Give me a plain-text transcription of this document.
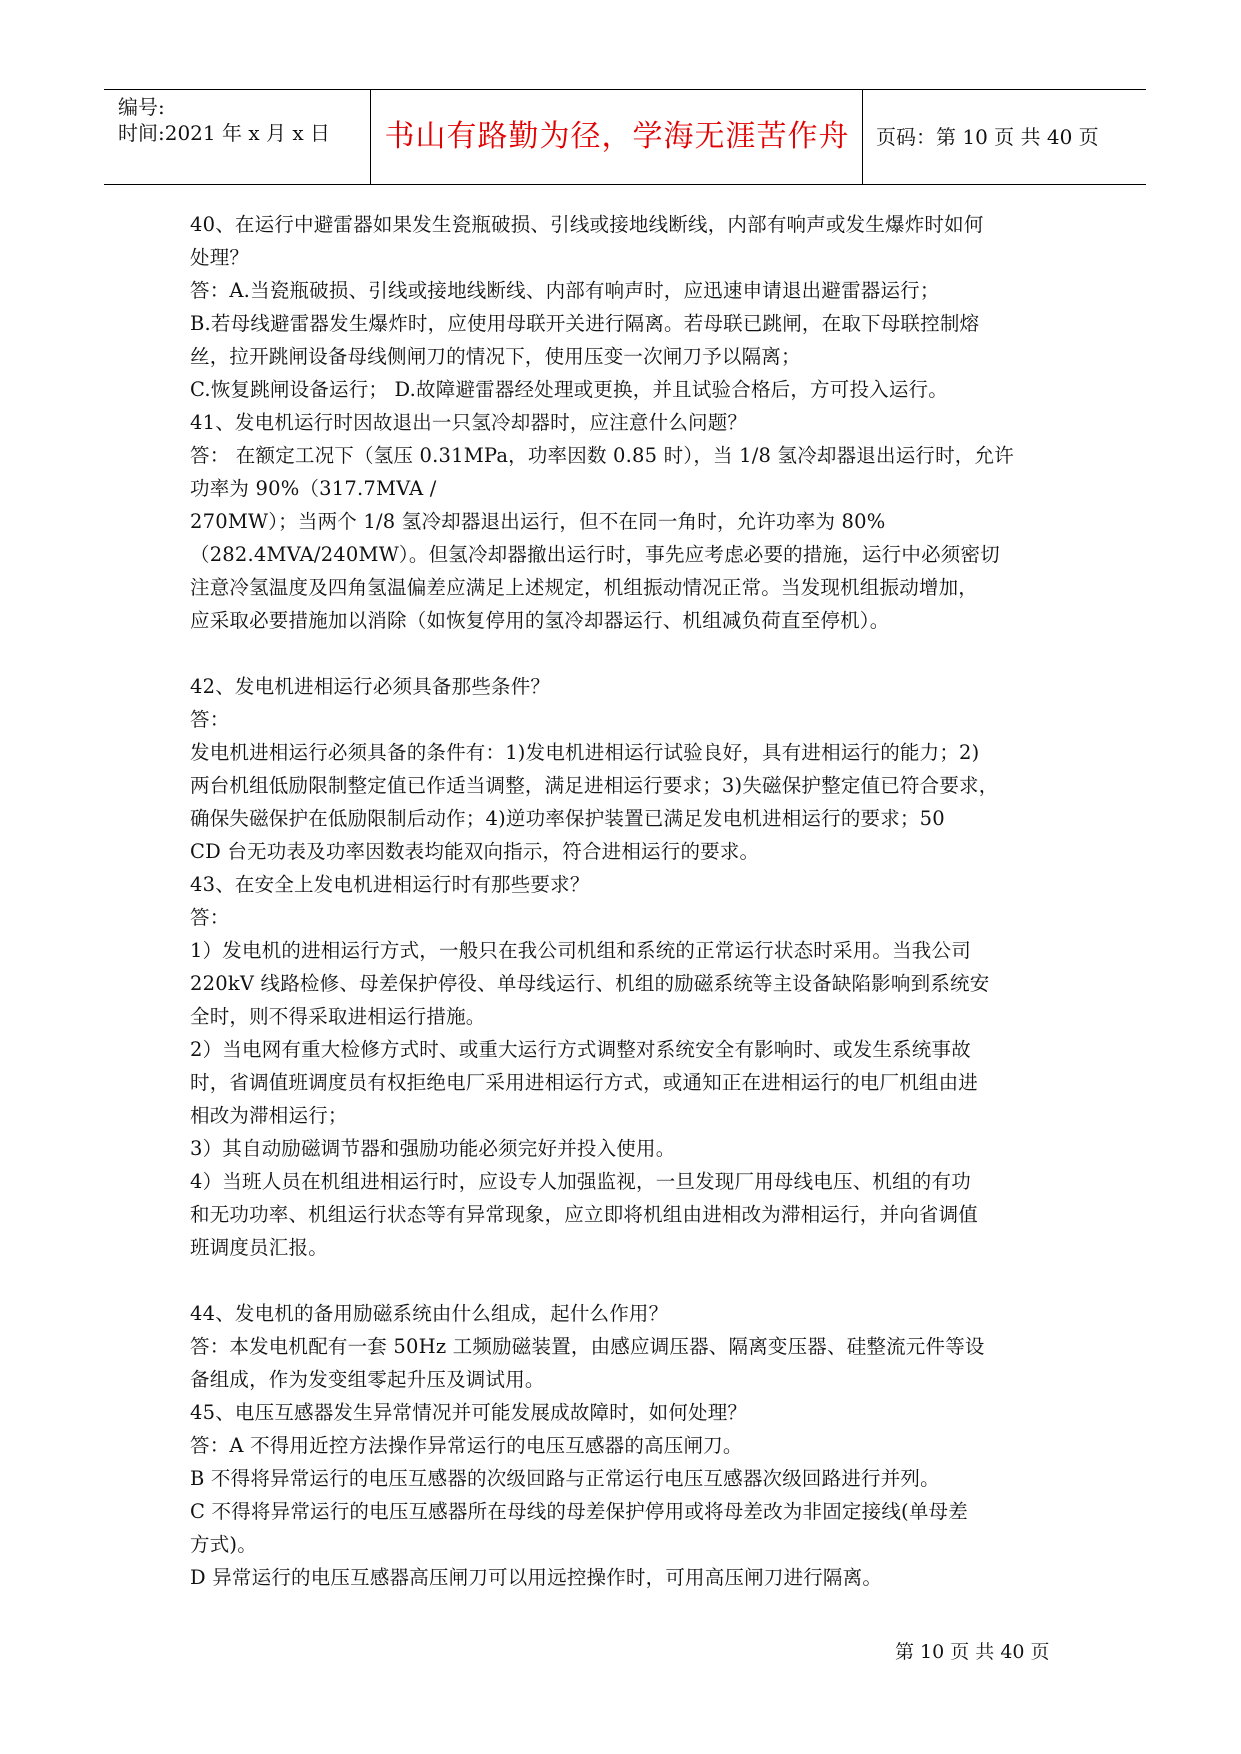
编号:
时间:2021 年 x 月 x 日	书山有路勤为径，学海无涯苦作舟	页码：第 10 页 共 40 页

40、在运行中避雷器如果发生瓷瓶破损、引线或接地线断线，内部有响声或发生爆炸时如何

处理？

答：A.当瓷瓶破损、引线或接地线断线、内部有响声时，应迅速申请退出避雷器运行；

B.若母线避雷器发生爆炸时，应使用母联开关进行隔离。若母联已跳闸，在取下母联控制熔

丝，拉开跳闸设备母线侧闸刀的情况下，使用压变一次闸刀予以隔离；

C.恢复跳闸设备运行； D.故障避雷器经处理或更换，并且试验合格后，方可投入运行。

41、发电机运行时因故退出一只氢冷却器时，应注意什么问题？

答： 在额定工况下（氢压 0.31MPa，功率因数 0.85 时），当 1/8 氢冷却器退出运行时，允许

功率为 90%（317.7MVA /

270MW）；当两个 1/8 氢冷却器退出运行，但不在同一角时，允许功率为 80%

（282.4MVA/240MW）。但氢冷却器撤出运行时，事先应考虑必要的措施，运行中必须密切

注意冷氢温度及四角氢温偏差应满足上述规定，机组振动情况正常。当发现机组振动增加，

应采取必要措施加以消除（如恢复停用的氢冷却器运行、机组减负荷直至停机）。

42、发电机进相运行必须具备那些条件？

答：

发电机进相运行必须具备的条件有：1)发电机进相运行试验良好，具有进相运行的能力；2)

两台机组低励限制整定值已作适当调整，满足进相运行要求；3)失磁保护整定值已符合要求，

确保失磁保护在低励限制后动作；4)逆功率保护装置已满足发电机进相运行的要求；50

CD 台无功表及功率因数表均能双向指示，符合进相运行的要求。

43、在安全上发电机进相运行时有那些要求？

答：

1）发电机的进相运行方式，一般只在我公司机组和系统的正常运行状态时采用。当我公司

220kV 线路检修、母差保护停役、单母线运行、机组的励磁系统等主设备缺陷影响到系统安

全时，则不得采取进相运行措施。

2）当电网有重大检修方式时、或重大运行方式调整对系统安全有影响时、或发生系统事故

时，省调值班调度员有权拒绝电厂采用进相运行方式，或通知正在进相运行的电厂机组由进

相改为滞相运行；

3）其自动励磁调节器和强励功能必须完好并投入使用。

4）当班人员在机组进相运行时，应设专人加强监视，一旦发现厂用母线电压、机组的有功

和无功功率、机组运行状态等有异常现象，应立即将机组由进相改为滞相运行，并向省调值

班调度员汇报。

44、发电机的备用励磁系统由什么组成，起什么作用？

答：本发电机配有一套 50Hz 工频励磁装置，由感应调压器、隔离变压器、硅整流元件等设

备组成，作为发变组零起升压及调试用。

45、电压互感器发生异常情况并可能发展成故障时，如何处理？

答：A 不得用近控方法操作异常运行的电压互感器的高压闸刀。

B 不得将异常运行的电压互感器的次级回路与正常运行电压互感器次级回路进行并列。

C 不得将异常运行的电压互感器所在母线的母差保护停用或将母差改为非固定接线(单母差

方式)。

D 异常运行的电压互感器高压闸刀可以用远控操作时，可用高压闸刀进行隔离。

第 10 页 共 40 页
